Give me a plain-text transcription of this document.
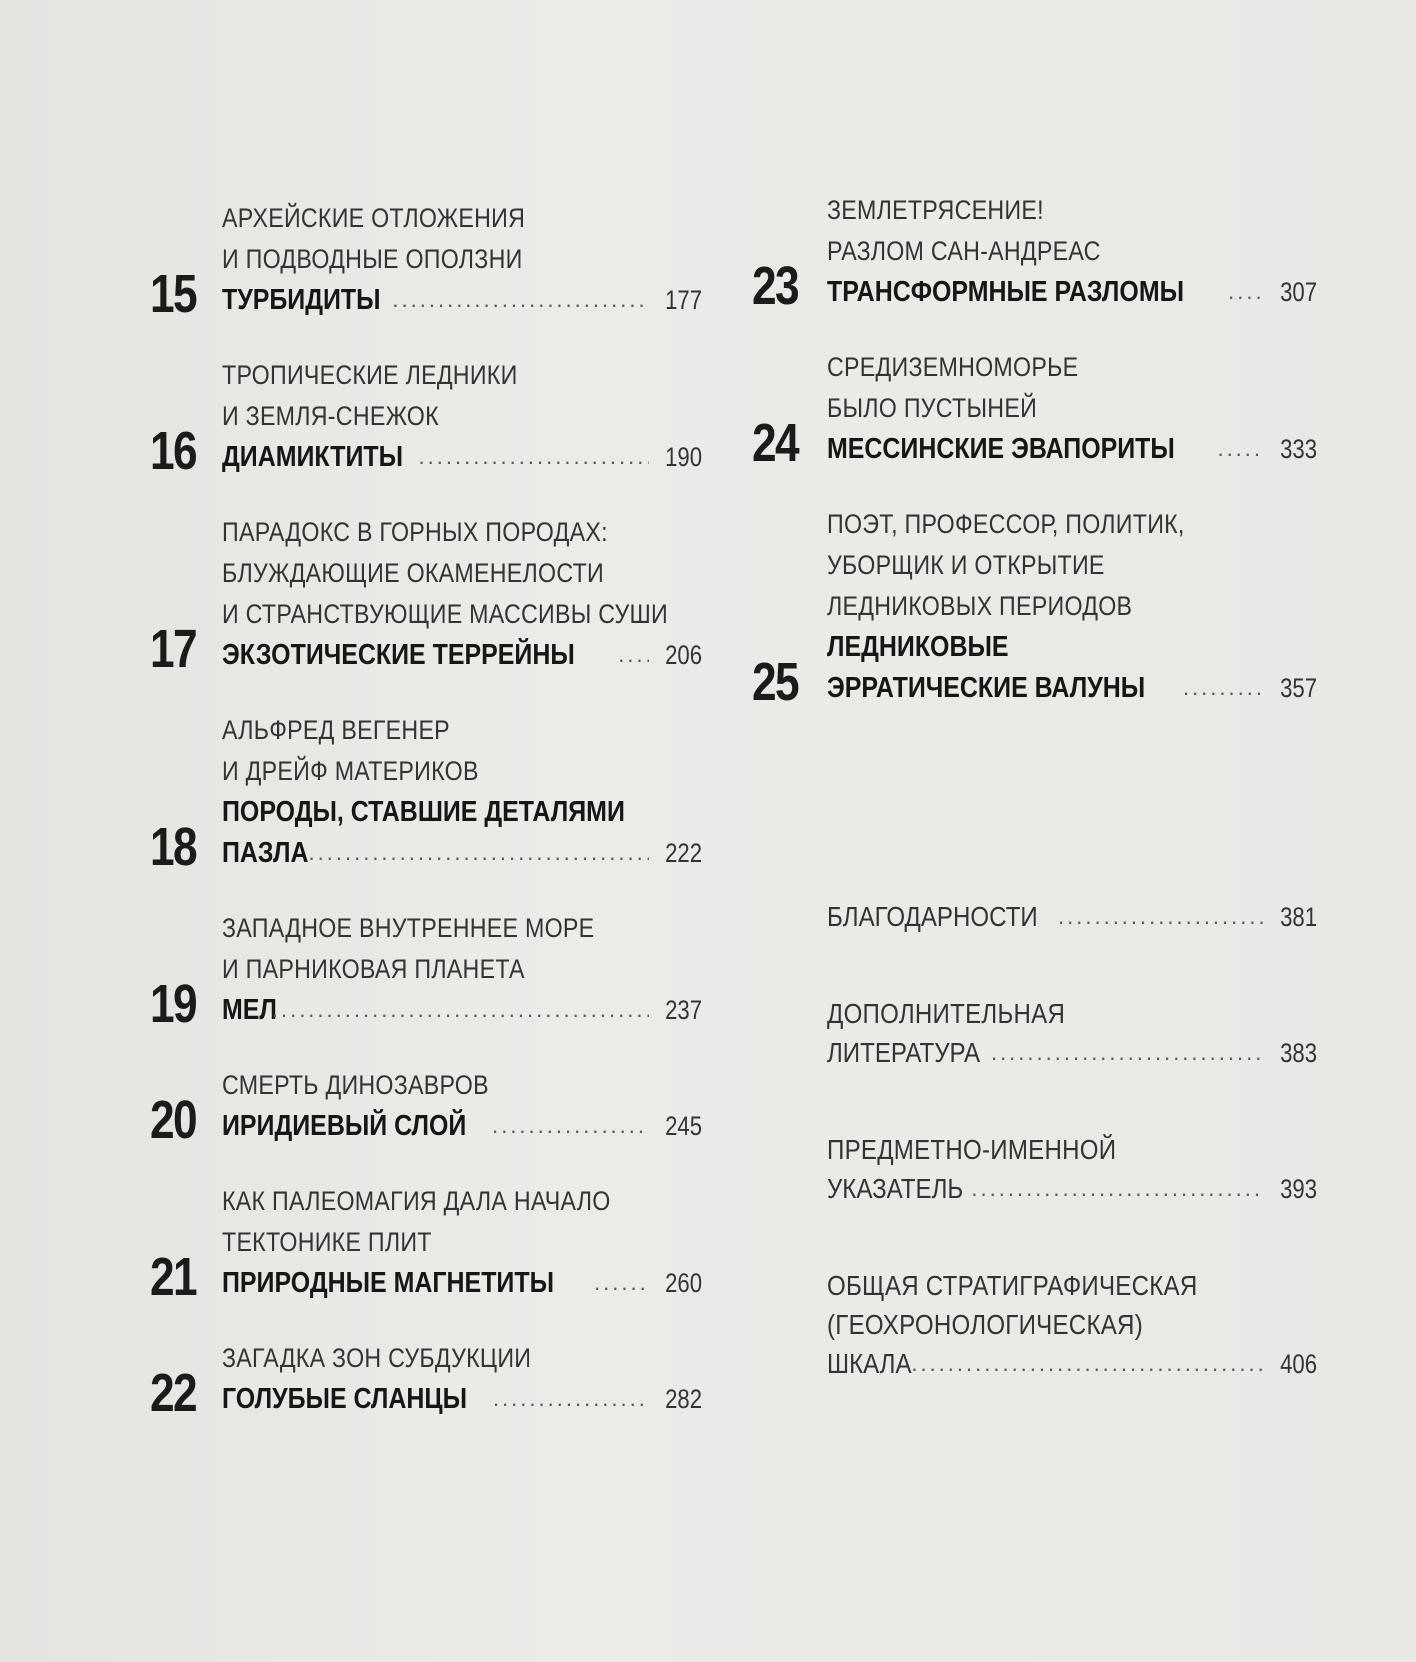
15
АРХЕЙСКИЕ ОТЛОЖЕНИЯ
И ПОДВОДНЫЕ ОПОЛЗНИ
ТУРБИДИТЫ .....	177
16
ТРОПИЧЕСКИЕ ЛЕДНИКИ
И ЗЕМЛЯ-СНЕЖОК
ДИАМИКТИТЫ .....	190
17
ПАРАДОКС В ГОРНЫХ ПОРОДАХ:
БЛУЖДАЮЩИЕ ОКАМЕНЕЛОСТИ
И СТРАНСТВУЮЩИЕ МАССИВЫ СУШИ
ЭКЗОТИЧЕСКИЕ ТЕРРЕЙНЫ .....	206
18
АЛЬФРЕД ВЕГЕНЕР
И ДРЕЙФ МАТЕРИКОВ
ПОРОДЫ, СТАВШИЕ ДЕТАЛЯМИ
ПАЗЛА .....	222
19
ЗАПАДНОЕ ВНУТРЕННЕЕ МОРЕ
И ПАРНИКОВАЯ ПЛАНЕТА
МЕЛ .....	237
20
СМЕРТЬ ДИНОЗАВРОВ
ИРИДИЕВЫЙ СЛОЙ .....	245
21
КАК ПАЛЕОМАГИЯ ДАЛА НАЧАЛО
ТЕКТОНИКЕ ПЛИТ
ПРИРОДНЫЕ МАГНЕТИТЫ .....	260
22
ЗАГАДКА ЗОН СУБДУКЦИИ
ГОЛУБЫЕ СЛАНЦЫ .....	282
23
ЗЕМЛЕТРЯСЕНИЕ!
РАЗЛОМ САН-АНДРЕАС
ТРАНСФОРМНЫЕ РАЗЛОМЫ .....	307
24
СРЕДИЗЕМНОМОРЬЕ
БЫЛО ПУСТЫНЕЙ
МЕССИНСКИЕ ЭВАПОРИТЫ .....	333
25
ПОЭТ, ПРОФЕССОР, ПОЛИТИК,
УБОРЩИК И ОТКРЫТИЕ
ЛЕДНИКОВЫХ ПЕРИОДОВ
ЛЕДНИКОВЫЕ
ЭРРАТИЧЕСКИЕ ВАЛУНЫ .....	357
БЛАГОДАРНОСТИ .....	381
ДОПОЛНИТЕЛЬНАЯ
ЛИТЕРАТУРА .....	383
ПРЕДМЕТНО-ИМЕННОЙ
УКАЗАТЕЛЬ .....	393
ОБЩАЯ СТРАТИГРАФИЧЕСКАЯ
(ГЕОХРОНОЛОГИЧЕСКАЯ)
ШКАЛА .....	406
